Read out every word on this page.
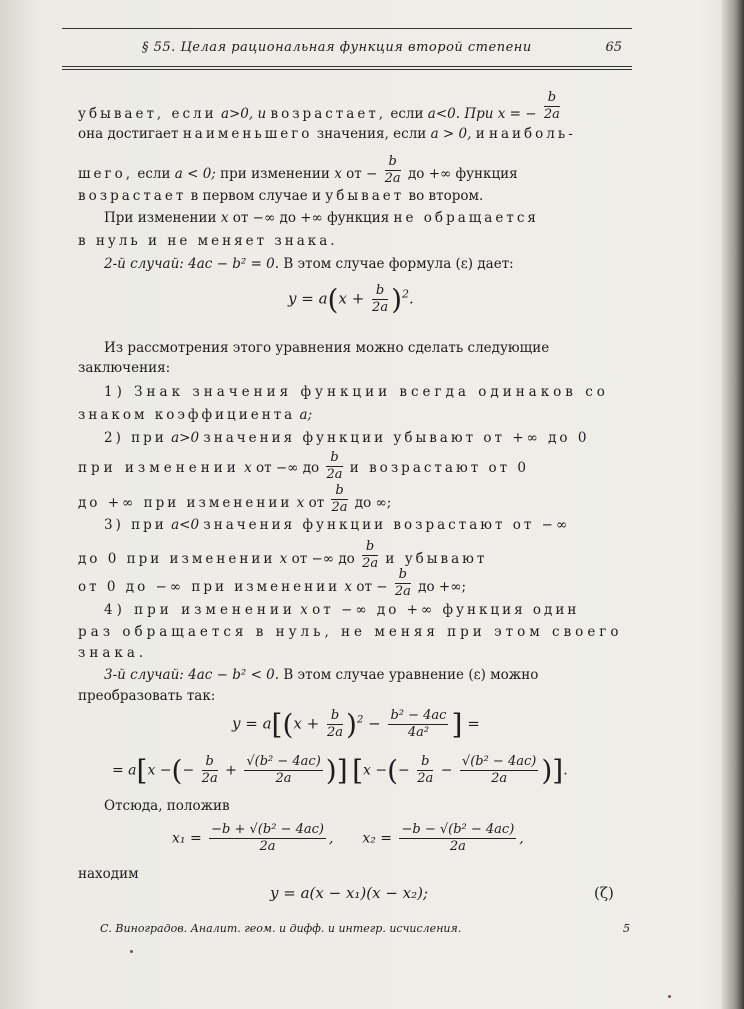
§ 55. Целая рациональная функция второй степени	65
убывает, если a>0, и возрастает, если a<0. При x = − $\frac{b}{2a}$
она достигает наименьшего значения, если a > 0, и наиболь-
шего, если a < 0; при изменении x от − $\frac{b}{2a}$ до +∞ функция
возрастает в первом случае и убывает во втором.
При изменении x от −∞ до +∞ функция не обращается
в нуль и не меняет знака.
2-й случай: 4ac − b² = 0. В этом случае формула (ε) дает:
$y = a(x + \frac{b}{2a} )^2$.
Из рассмотрения этого уравнения можно сделать следующие
заключения:
1) Знак значения функции всегда одинаков со
знаком коэффициента a;
2) при a>0 значения функции убывают от +∞ до 0
при изменении x от −∞ до $\frac{b}{2a}$ и возрастают от 0
до +∞ при изменении x от $\frac{b}{2a}$ до ∞;
3) при a<0 значения функции возрастают от −∞
до 0 при изменении x от −∞ до $\frac{b}{2a}$ и убывают
от 0 до −∞ при изменении x от − $\frac{b}{2a}$ до +∞;
4) при изменении x от −∞ до +∞ функция один
раз обращается в нуль, не меняя при этом своего
знака.
3-й случай: 4ac − b² < 0. В этом случае уравнение (ε) можно
преобразовать так:
$y = a[(x + \frac{b}{2a} )^2 - \frac{\text{b² − 4ac}}{\text{4a²}}$ ] =
= a[x −(− $\frac{b}{2a} + \frac{\text{√(b² − 4ac)}}{2a}$ )] [x −(− $\frac{b}{2a} - \frac{\text{√(b² − 4ac)}}{2a}$ )].
Отсюда, положив
$x_1 = \frac{\text{−b + √(b² − 4ac)}}{2a}$ , $x_2 = \frac{\text{−b − √(b² − 4ac)}}{2a}$ ,
находим
y = a(x − x₁)(x − x₂);	(ζ)
С. Виноградов. Аналит. геом. и дифф. и интегр. исчисления.	5
